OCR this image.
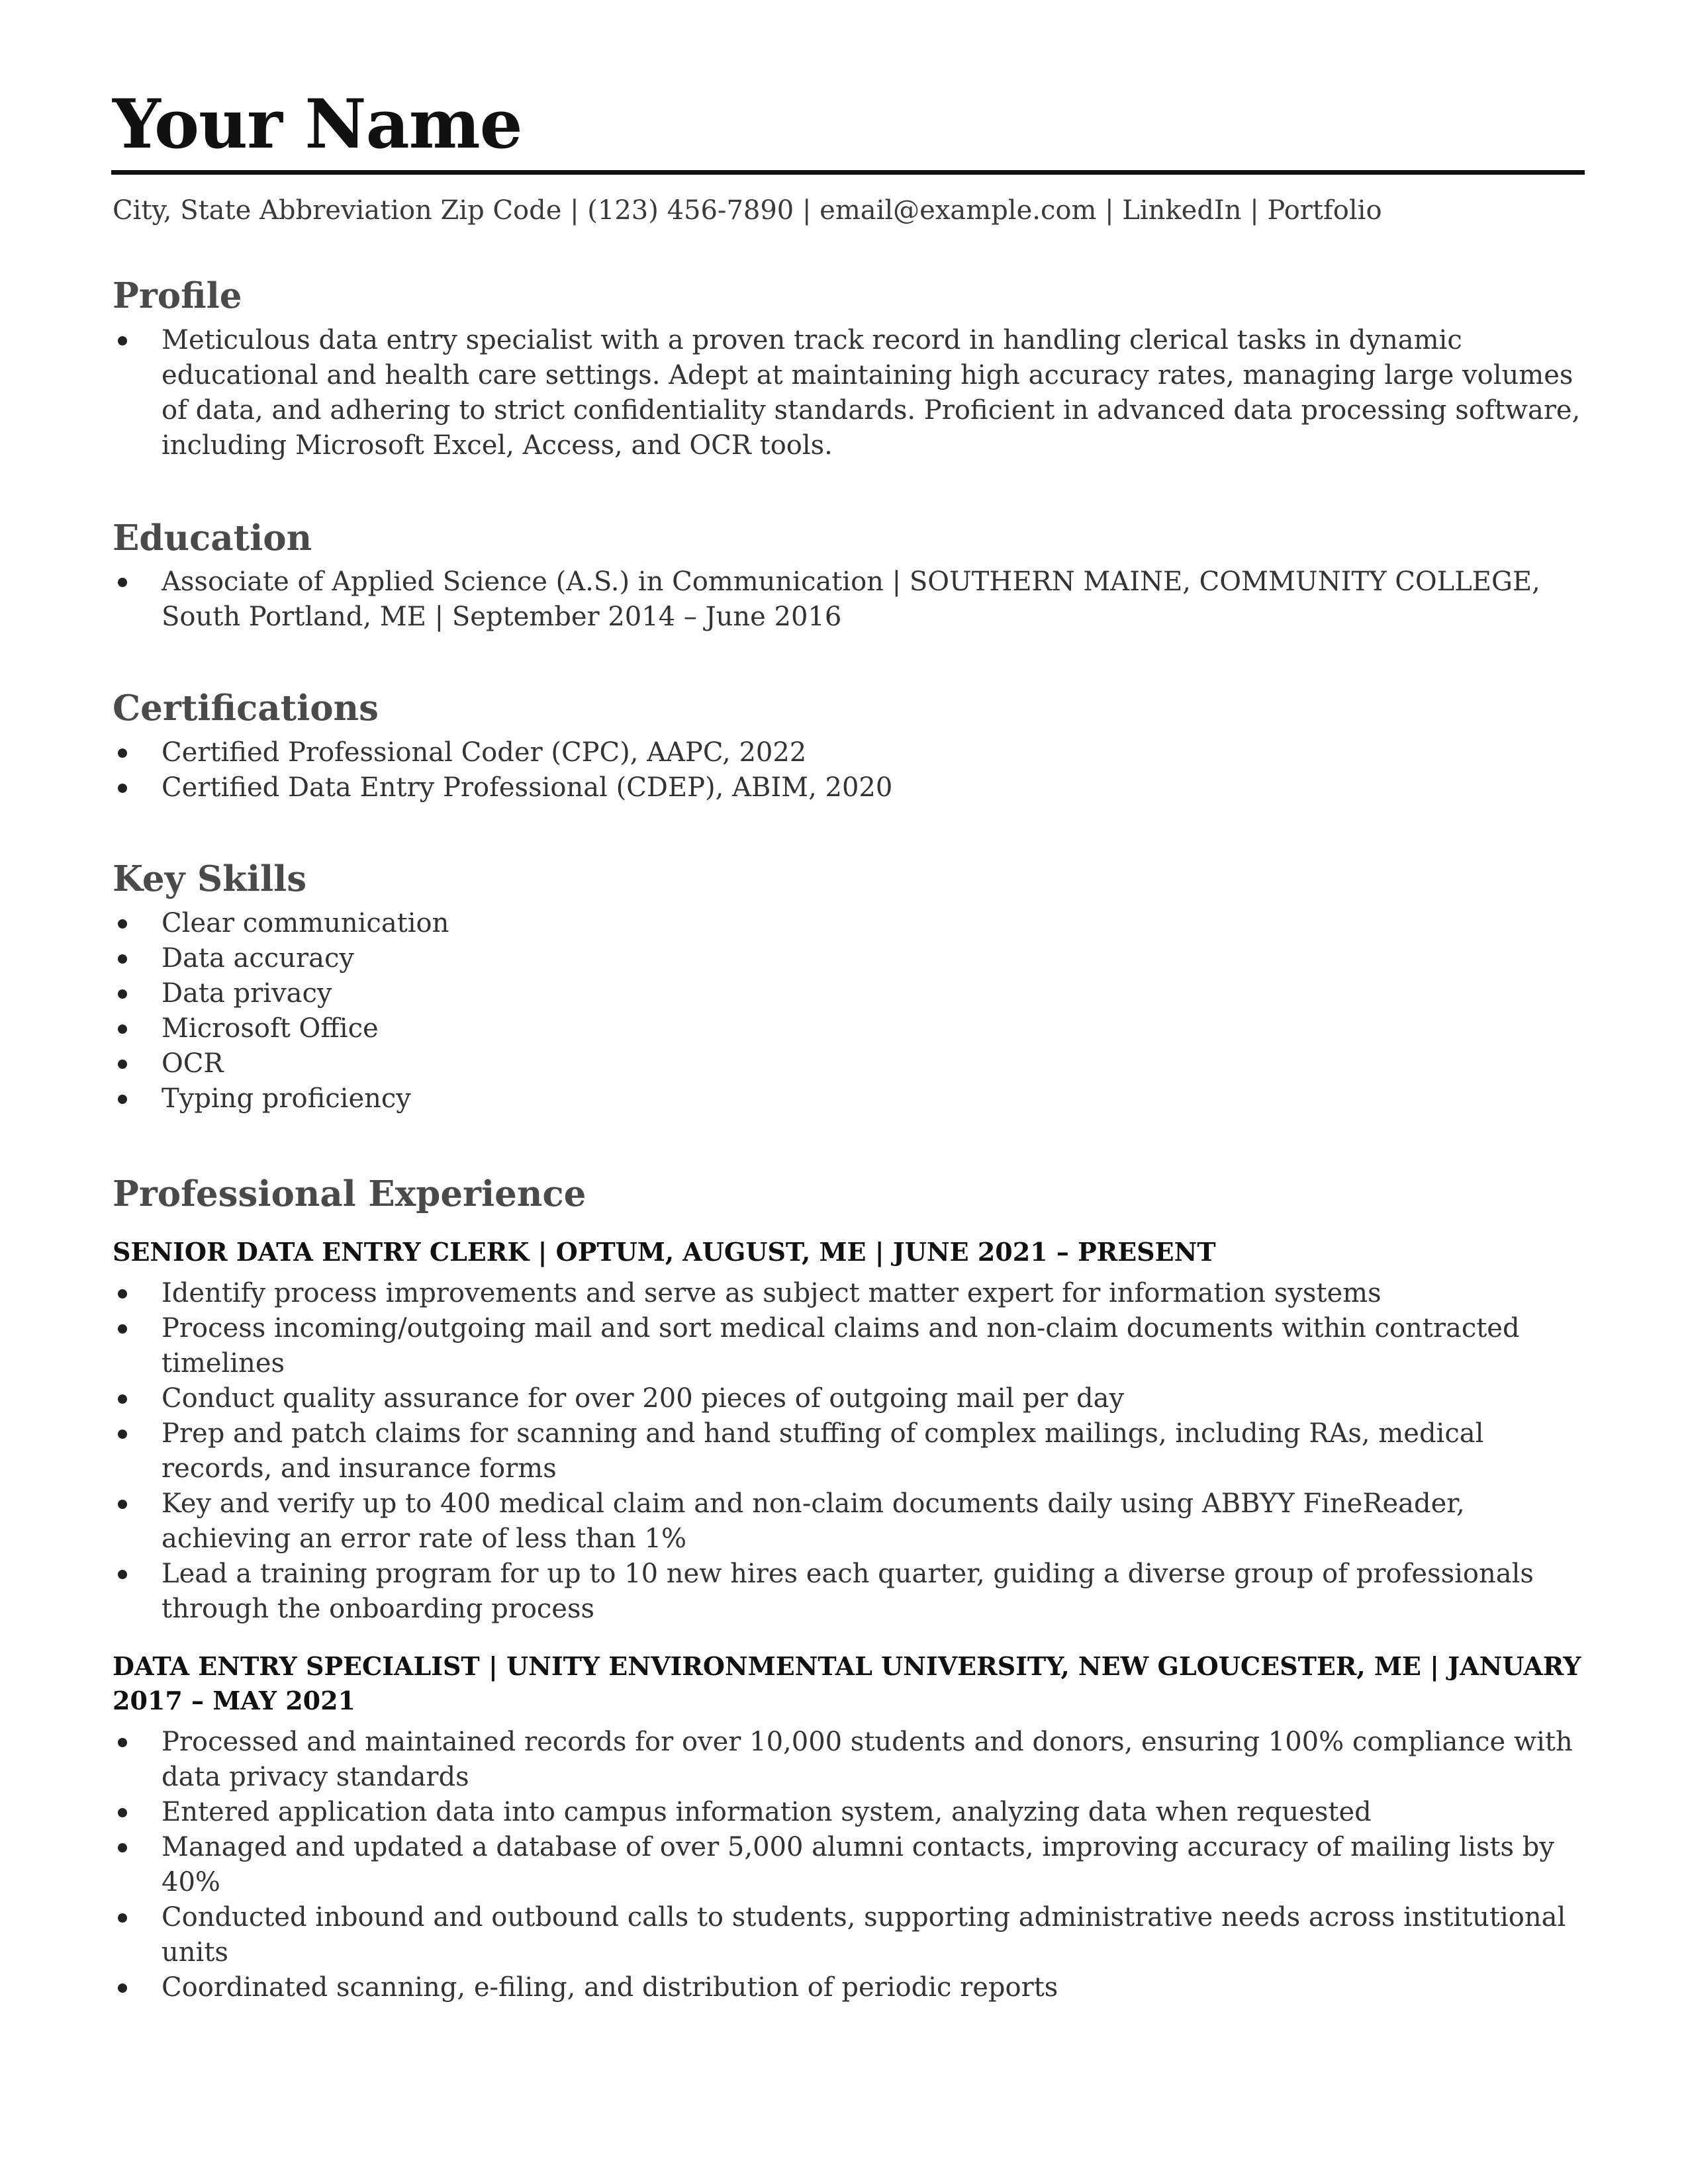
Your Name
City, State Abbreviation Zip Code | (123) 456-7890 | email@example.com | LinkedIn | Portfolio
Profile
Meticulous data entry specialist with a proven track record in handling clerical tasks in dynamic educational and health care settings. Adept at maintaining high accuracy rates, managing large volumes of data, and adhering to strict confidentiality standards. Proficient in advanced data processing software, including Microsoft Excel, Access, and OCR tools.
Education
Associate of Applied Science (A.S.) in Communication | SOUTHERN MAINE, COMMUNITY COLLEGE, South Portland, ME | September 2014 – June 2016
Certifications
Certified Professional Coder (CPC), AAPC, 2022
Certified Data Entry Professional (CDEP), ABIM, 2020
Key Skills
Clear communication
Data accuracy
Data privacy
Microsoft Office
OCR
Typing proficiency
Professional Experience
SENIOR DATA ENTRY CLERK | OPTUM, AUGUST, ME | JUNE 2021 – PRESENT
Identify process improvements and serve as subject matter expert for information systems
Process incoming/outgoing mail and sort medical claims and non-claim documents within contracted timelines
Conduct quality assurance for over 200 pieces of outgoing mail per day
Prep and patch claims for scanning and hand stuffing of complex mailings, including RAs, medical records, and insurance forms
Key and verify up to 400 medical claim and non-claim documents daily using ABBYY FineReader, achieving an error rate of less than 1%
Lead a training program for up to 10 new hires each quarter, guiding a diverse group of professionals through the onboarding process
DATA ENTRY SPECIALIST | UNITY ENVIRONMENTAL UNIVERSITY, NEW GLOUCESTER, ME | JANUARY 2017 – MAY 2021
Processed and maintained records for over 10,000 students and donors, ensuring 100% compliance with data privacy standards
Entered application data into campus information system, analyzing data when requested
Managed and updated a database of over 5,000 alumni contacts, improving accuracy of mailing lists by 40%
Conducted inbound and outbound calls to students, supporting administrative needs across institutional units
Coordinated scanning, e-filing, and distribution of periodic reports
